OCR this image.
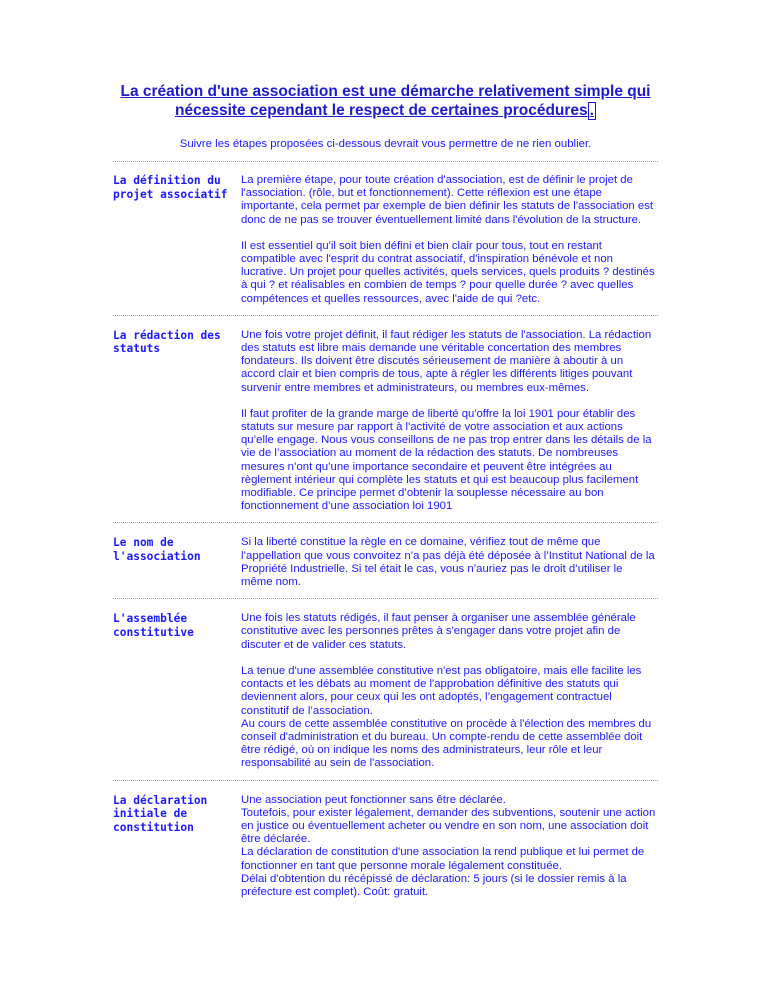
La création d'une association est une démarche relativement simple qui
nécessite cependant le respect de certaines procédures .
Suivre les étapes proposées ci-dessous devrait vous permettre de ne rien oublier.
La définition du projet associatif

La première étape, pour toute création d'association, est de définir le projet de l'association. (rôle, but et fonctionnement). Cette réflexion est une étape importante, cela permet par exemple de bien définir les statuts de l'association est donc de ne pas se trouver éventuellement limité dans l'évolution de la structure.

Il est essentiel qu'il soit bien défini et bien clair pour tous, tout en restant compatible avec l'esprit du contrat associatif, d'inspiration bénévole et non lucrative. Un projet pour quelles activités, quels services, quels produits ? destinés à qui ? et réalisables en combien de temps ? pour quelle durée ? avec quelles compétences et quelles ressources, avec l'aide de qui ?etc.

La rédaction des statuts

Une fois votre projet définit, il faut rédiger les statuts de l'association. La rédaction des statuts est libre mais demande une véritable concertation des membres fondateurs. Ils doivent être discutés sérieusement de manière à aboutir à un accord clair et bien compris de tous, apte à régler les différents litiges pouvant survenir entre membres et administrateurs, ou membres eux-mêmes.

Il faut profiter de la grande marge de liberté qu'offre la loi 1901 pour établir des statuts sur mesure par rapport à l'activité de votre association et aux actions qu’elle engage. Nous vous conseillons de ne pas trop entrer dans les détails de la vie de l’association au moment de la rédaction des statuts. De nombreuses mesures n’ont qu’une importance secondaire et peuvent être intégrées au règlement intérieur qui complète les statuts et qui est beaucoup plus facilement modifiable. Ce principe permet d’obtenir la souplesse nécessaire au bon fonctionnement d’une association loi 1901

Le nom de l'association

Si la liberté constitue la règle en ce domaine, vérifiez tout de même que l’appellation que vous convoitez n’a pas déjà été déposée à l’Institut National de la Propriété Industrielle. Si tel était le cas, vous n’auriez pas le droit d’utiliser le même nom.

L'assemblée constitutive

Une fois les statuts rédigés, il faut penser à organiser une assemblée générale constitutive avec les personnes prêtes à s'engager dans votre projet afin de discuter et de valider ces statuts.

La tenue d'une assemblée constitutive n'est pas obligatoire, mais elle facilite les contacts et les débats au moment de l'approbation définitive des statuts qui deviennent alors, pour ceux qui les ont adoptés, l’engagement contractuel constitutif de l’association.
Au cours de cette assemblée constitutive on procède à l'élection des membres du conseil d'administration et du bureau. Un compte-rendu de cette assemblée doit être rédigé, où on indique les noms des administrateurs, leur rôle et leur responsabilité au sein de l'association.

La déclaration initiale de constitution

Une association peut fonctionner sans être déclarée.
Toutefois, pour exister légalement, demander des subventions, soutenir une action en justice ou éventuellement acheter ou vendre en son nom, une association doit être déclarée.
La déclaration de constitution d'une association la rend publique et lui permet de fonctionner en tant que personne morale légalement constituée.
Délai d'obtention du récépissé de déclaration: 5 jours (si le dossier remis à la préfecture est complet). Coût: gratuit.
